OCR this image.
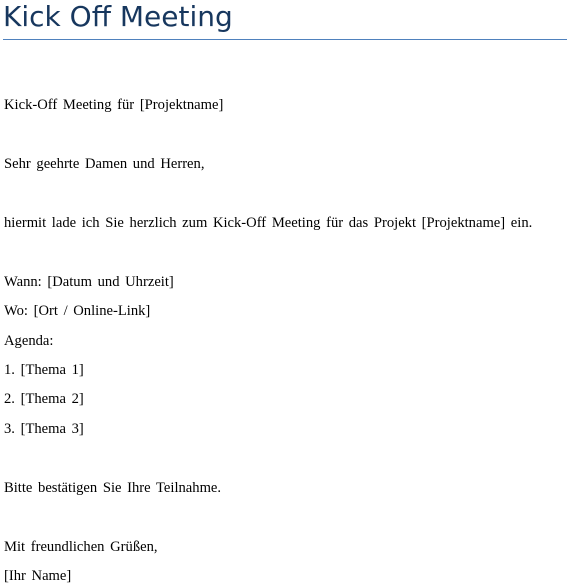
Kick Off Meeting

Kick-Off Meeting für [Projektname]

Sehr geehrte Damen und Herren,

hiermit lade ich Sie herzlich zum Kick-Off Meeting für das Projekt [Projektname] ein.

Wann: [Datum und Uhrzeit]

Wo: [Ort / Online-Link]

Agenda:

1. [Thema 1]

2. [Thema 2]

3. [Thema 3]

Bitte bestätigen Sie Ihre Teilnahme.

Mit freundlichen Grüßen,

[Ihr Name]
